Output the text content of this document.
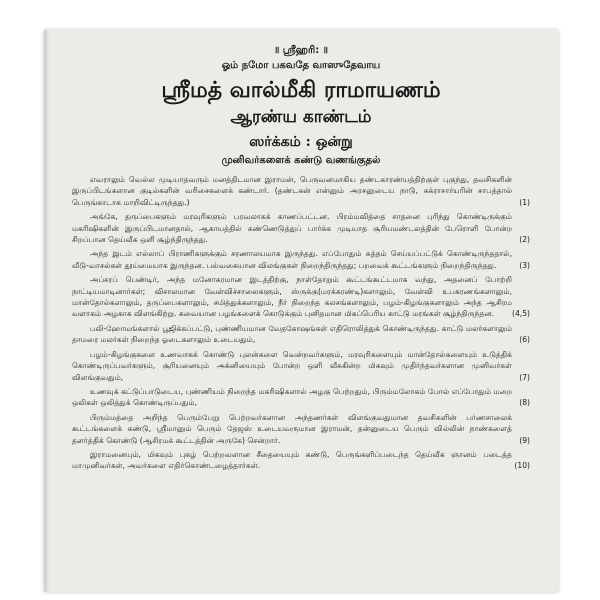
॥ ஸ்ரீஹரி: ॥

ஓம் நமோ பகவதே வாஸுதேவாய

ஸ்ரீமத் வால்மீகி ராமாயணம்
ஆரண்ய காண்டம்
ஸர்க்கம் : ஒன்று
முனிவர்களைக் கண்டு வணங்குதல்

எவராலும் வெல்ல முடியாதவரும் மனத்திடமான இராமன், பெருவனமாகிய தண்டகாரண்யத்திற்குள் புகுந்து, தவசிகளின் இருப்பிடங்களான குடில்களின் வரிசைகளைக் கண்டார். (தண்டகன் என்னும் அரசனுடைய நாடு, சுக்ராசார்யரின் சாபத்தால் பெருங்காடாக மாறிவிட்டிருந்தது.)	(1)

அங்கே, தருப்பைகளும் மரவுரிகளும் பரவலாகக் காணப்பட்டன. பிரம்மவித்தை சாதனை புரிந்து கொண்டிருக்கும் மகரிஷிகளின் இருப்பிடமானதால், ஆகாயத்தில் கண்ணெடுத்துப் பார்க்க முடியாத சூரியமண்டலத்தின் பேரொளி போன்ற சிறப்பான தெய்வீக ஒளி சூழ்ந்திருந்தது.	(2)

அந்த இடம் எல்லாப் பிராணிகளுக்கும் சரணாலயமாக இருந்தது. எப்போதும் சுத்தம் செய்யப்பட்டுக் கொண்டிருந்ததால், வீடு-வாசல்கள் தூய்மையாக இருந்தன. பல்வகையான விலங்குகள் நிறைந்திருந்தது; பறவைக் கூட்டங்களும் நிறைந்திருந்தது.	(3)

அப்சரப் பெண்டிர், அந்த மனோகரமான இடத்திற்கு, நாள்தோறும் கூட்டங்கூட்டமாக வந்து, அதனைப் போற்றி நாட்டியமாடினார்கள்; விசாலமான வேள்விச்சாலைகளும், ஸ்ருக்கு(மரக்கரண்டி)களாலும், வேள்வி உபகரணங்களாலும், மான்தோல்களாலும், தருப்பைகளாலும், சமித்துக்களாலும், நீர் நிறைந்த கலசங்களாலும், பழம்-கிழங்குகளாலும் அந்த ஆசிரம வளாகம் அழகாக விளங்கிற்று. சுவையான பழங்களைக் கொடுக்கும் புனிதமான மிகப்பெரிய காட்டு மரங்கள் சூழ்ந்திருந்தன.	(4,5)

பலி-ஹோமங்களால் பூஜிக்கப்பட்டு, புண்ணியமான வேதகோஷங்கள் எதிரொலித்துக் கொண்டிருந்தது. காட்டு மலர்களாலும் தாமரை மலர்கள் நிறைந்த ஓடைகளாலும் உடையதும்,	(6)

பழம்-கிழங்குகளை உணவாகக் கொண்டு புலன்களை வென்றவர்களும், மரவுரிகளையும் மான்தோல்களையும் உடுத்திக் கொண்டிருப்பவர்களும், சூரியனையும் அக்னியையும் போன்ற ஒளி வீசுகின்ற மிகவும் முதிர்ந்தவர்களான முனிவர்கள் விளங்குவதும்,	(7)

உணவுக் கட்டுப்பாடுடைய, புண்ணியம் நிறைந்த மகரிஷிகளால் அழகு பெற்றதும், பிரும்மலோகம் போல் எப்போதும் மறை ஒலிகள் ஒலித்துக் கொண்டிருப்பதும்,	(8)

பிரும்மத்தை அறிந்த பெரும்பேறு பெற்றவர்களான அந்தணர்கள் விளங்குவதுமான தவசிகளின் பர்ணசாலைக் கூட்டங்களைக் கண்டு, ஸ்ரீமானும் பெரும் தேஜஸ் உடையவருமான இராமன், தன்னுடைய பெரும் வில்லின் நாண்களைத் தளர்த்திக் கொண்டு (ஆசிரமக் கூட்டத்தின் அருகே) சென்றார்.	(9)

இராமனையும், மிகவும் புகழ் பெற்றவளான சீதையையும் கண்டு, பெருங்களிப்படைந்த தெய்வீக ஞானம் படைத்த மாமுனிவர்கள், அவர்களை எதிர்கொண்டழைத்தார்கள்.	(10)
